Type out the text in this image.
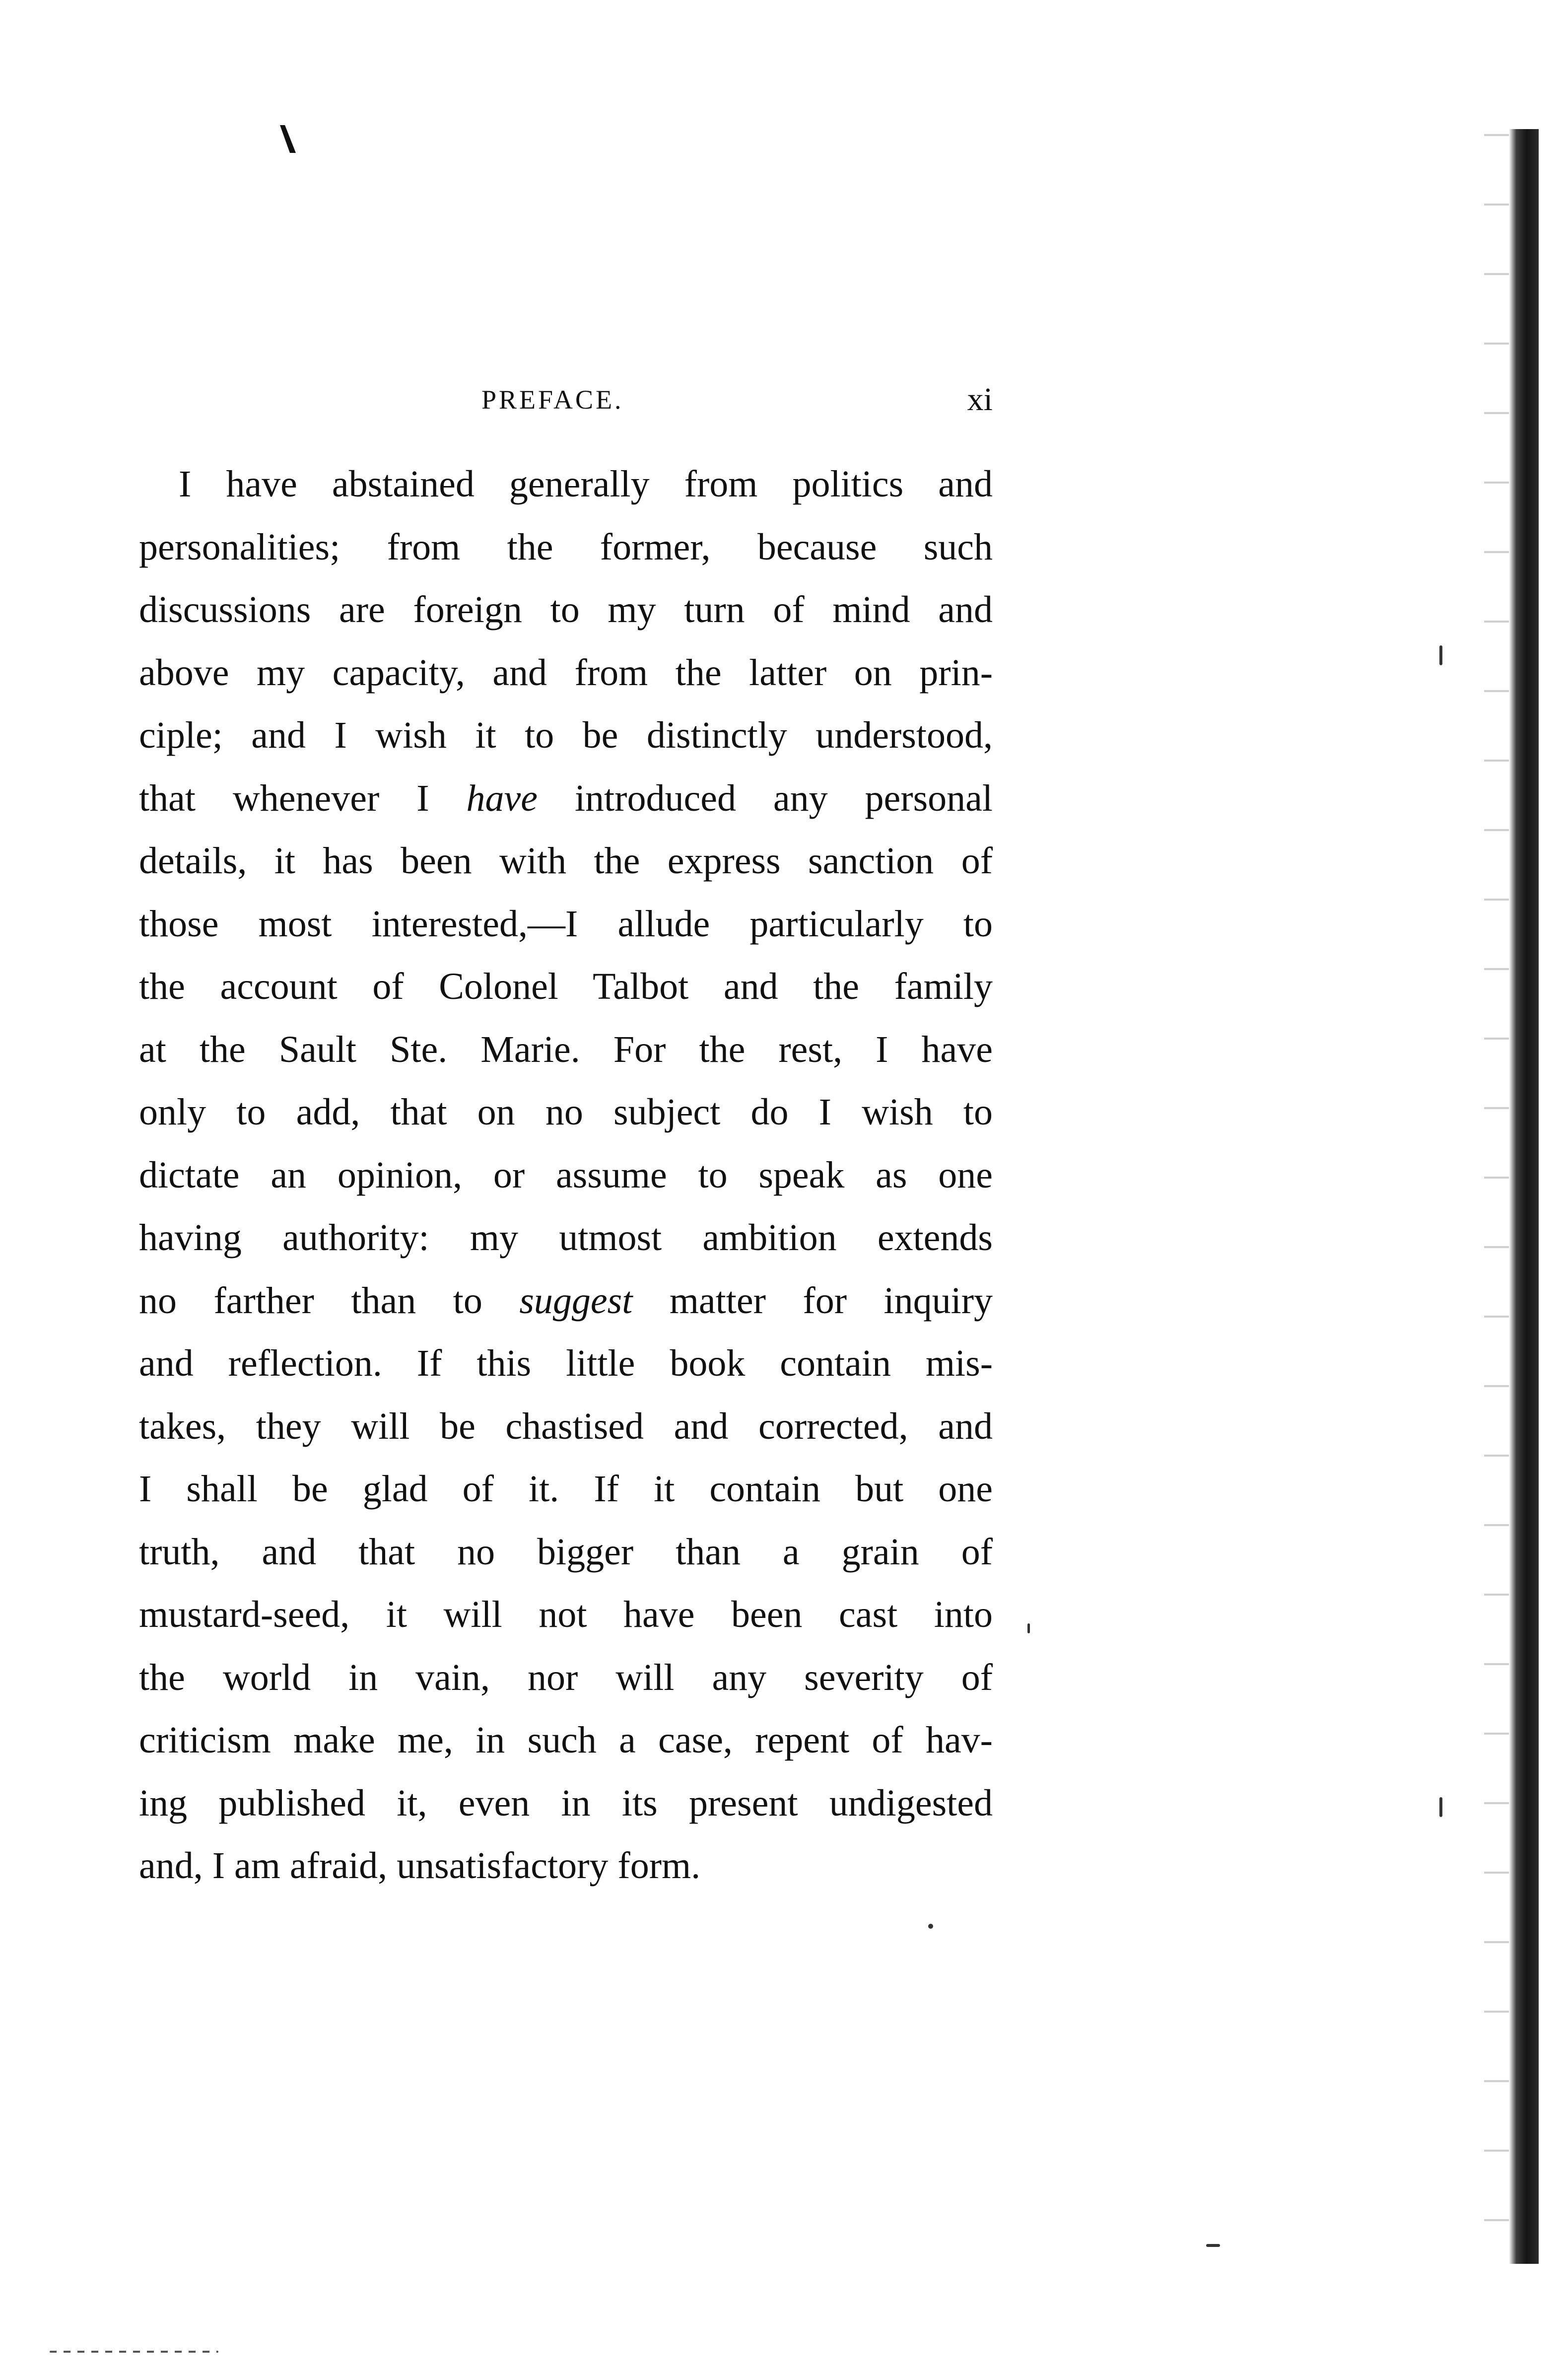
PREFACE.	xi
I have abstained generally from politics and
personalities; from the former, because such
discussions are foreign to my turn of mind and
above my capacity, and from the latter on prin-
ciple; and I wish it to be distinctly understood,
that whenever I have introduced any personal
details, it has been with the express sanction of
those most interested,—I allude particularly to
the account of Colonel Talbot and the family
at the Sault Ste. Marie. For the rest, I have
only to add, that on no subject do I wish to
dictate an opinion, or assume to speak as one
having authority: my utmost ambition extends
no farther than to suggest matter for inquiry
and reflection. If this little book contain mis-
takes, they will be chastised and corrected, and
I shall be glad of it. If it contain but one
truth, and that no bigger than a grain of
mustard-seed, it will not have been cast into
the world in vain, nor will any severity of
criticism make me, in such a case, repent of hav-
ing published it, even in its present undigested
and, I am afraid, unsatisfactory form.
